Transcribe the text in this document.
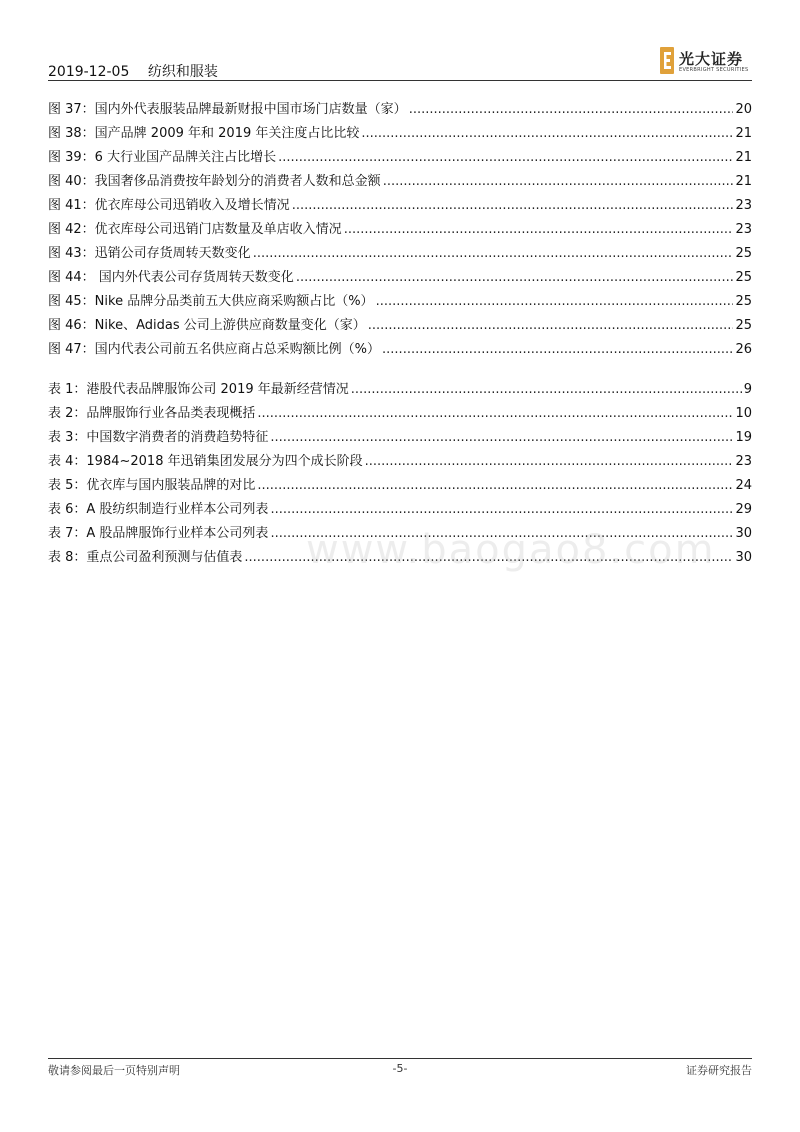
2019-12-05 纺织和服装
光大证券
EVERBRIGHT SECURITIES
图 37：国内外代表服装品牌最新财报中国市场门店数量（家） .....	20
图 38：国产品牌 2009 年和 2019 年关注度占比比较 .....	21
图 39：6 大行业国产品牌关注占比增长 .....	21
图 40：我国奢侈品消费按年龄划分的消费者人数和总金额 .....	21
图 41：优衣库母公司迅销收入及增长情况 .....	23
图 42：优衣库母公司迅销门店数量及单店收入情况 .....	23
图 43：迅销公司存货周转天数变化 .....	25
图 44： 国内外代表公司存货周转天数变化 .....	25
图 45：Nike 品牌分品类前五大供应商采购额占比（%） .....	25
图 46：Nike、Adidas 公司上游供应商数量变化（家） .....	25
图 47：国内代表公司前五名供应商占总采购额比例（%） .....	26
表 1：港股代表品牌服饰公司 2019 年最新经营情况 .....	9
表 2：品牌服饰行业各品类表现概括 .....	10
表 3：中国数字消费者的消费趋势特征 .....	19
表 4：1984~2018 年迅销集团发展分为四个成长阶段 .....	23
表 5：优衣库与国内服装品牌的对比 .....	24
表 6：A 股纺织制造行业样本公司列表 .....	29
表 7：A 股品牌服饰行业样本公司列表 .....	30
表 8：重点公司盈利预测与估值表 .....	30
www.baogao8.com
敬请参阅最后一页特别声明	-5-	证券研究报告
